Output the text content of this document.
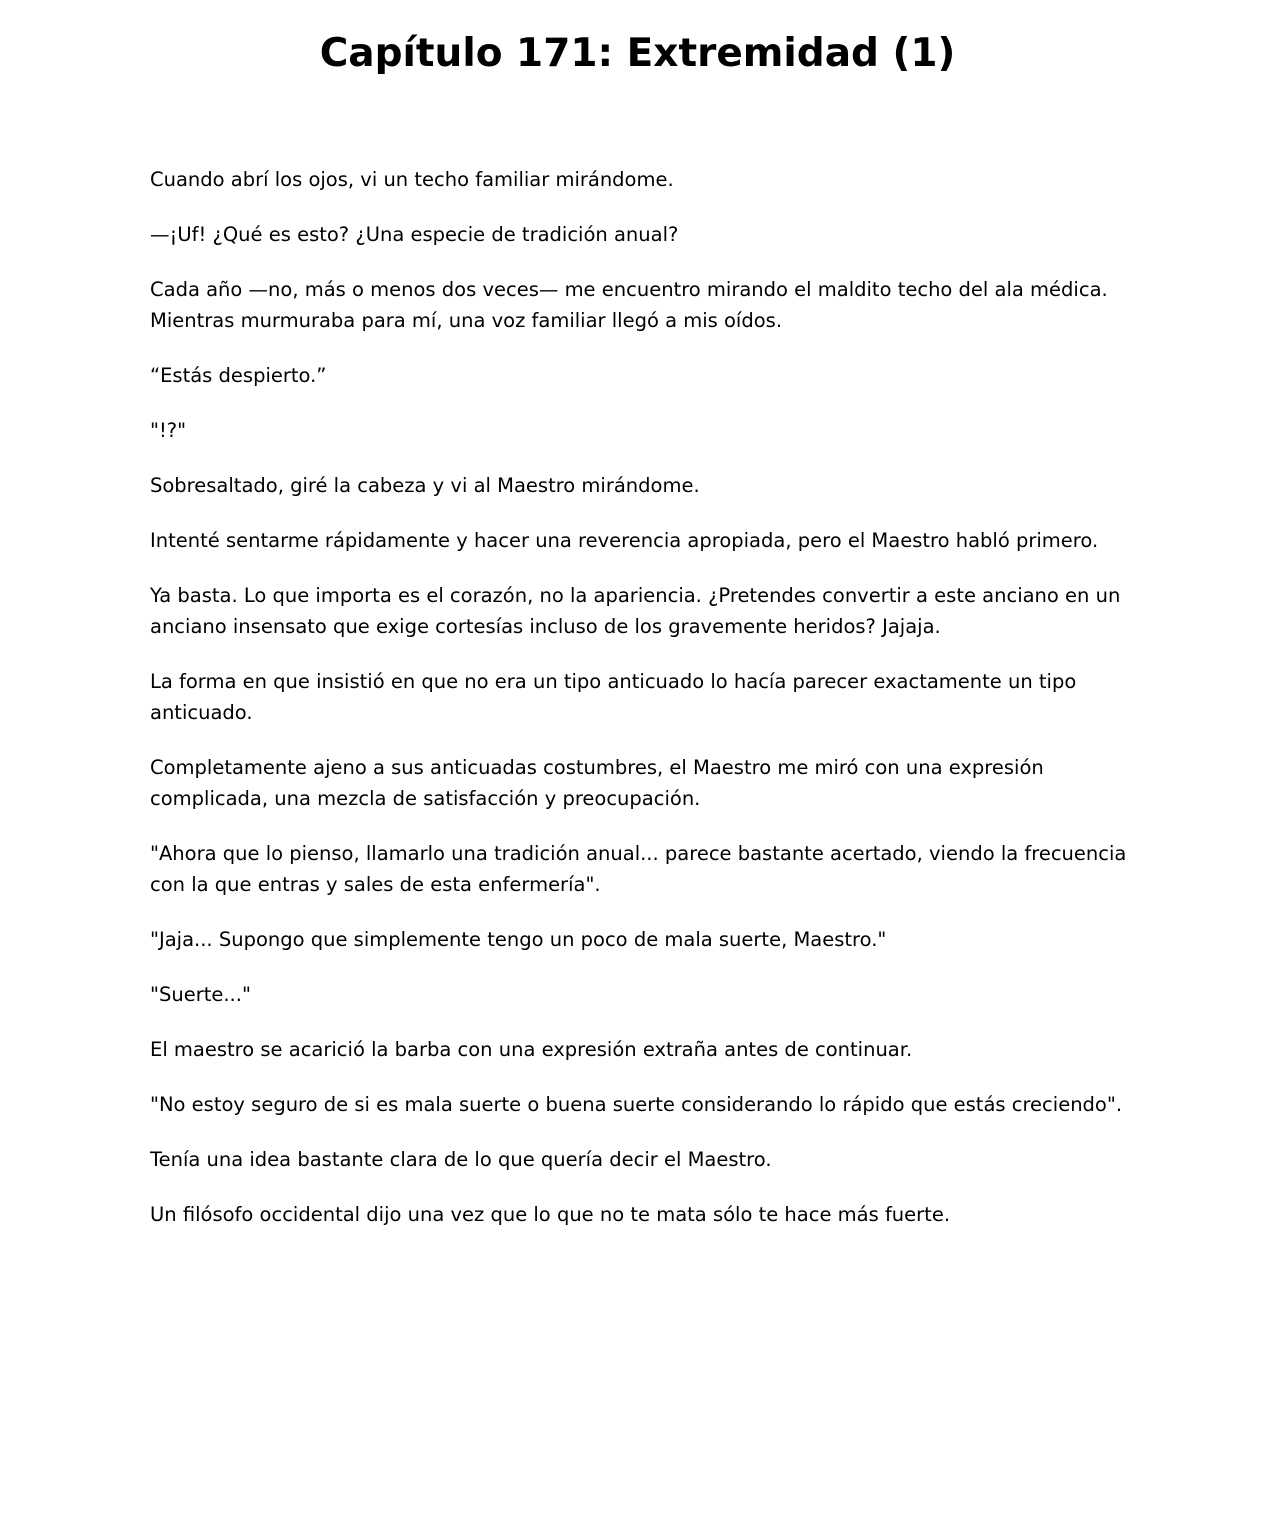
Capítulo 171: Extremidad (1)

Cuando abrí los ojos, vi un techo familiar mirándome.

—¡Uf! ¿Qué es esto? ¿Una especie de tradición anual?

Cada año —no, más o menos dos veces— me encuentro mirando el maldito techo del ala médica. Mientras murmuraba para mí, una voz familiar llegó a mis oídos.

“Estás despierto.”

"!?"

Sobresaltado, giré la cabeza y vi al Maestro mirándome.

Intenté sentarme rápidamente y hacer una reverencia apropiada, pero el Maestro habló primero.

Ya basta. Lo que importa es el corazón, no la apariencia. ¿Pretendes convertir a este anciano en un anciano insensato que exige cortesías incluso de los gravemente heridos? Jajaja.

La forma en que insistió en que no era un tipo anticuado lo hacía parecer exactamente un tipo anticuado.

Completamente ajeno a sus anticuadas costumbres, el Maestro me miró con una expresión complicada, una mezcla de satisfacción y preocupación.

"Ahora que lo pienso, llamarlo una tradición anual... parece bastante acertado, viendo la frecuencia con la que entras y sales de esta enfermería".

"Jaja... Supongo que simplemente tengo un poco de mala suerte, Maestro."

"Suerte..."

El maestro se acarició la barba con una expresión extraña antes de continuar.

"No estoy seguro de si es mala suerte o buena suerte considerando lo rápido que estás creciendo".

Tenía una idea bastante clara de lo que quería decir el Maestro.

Un filósofo occidental dijo una vez que lo que no te mata sólo te hace más fuerte.
